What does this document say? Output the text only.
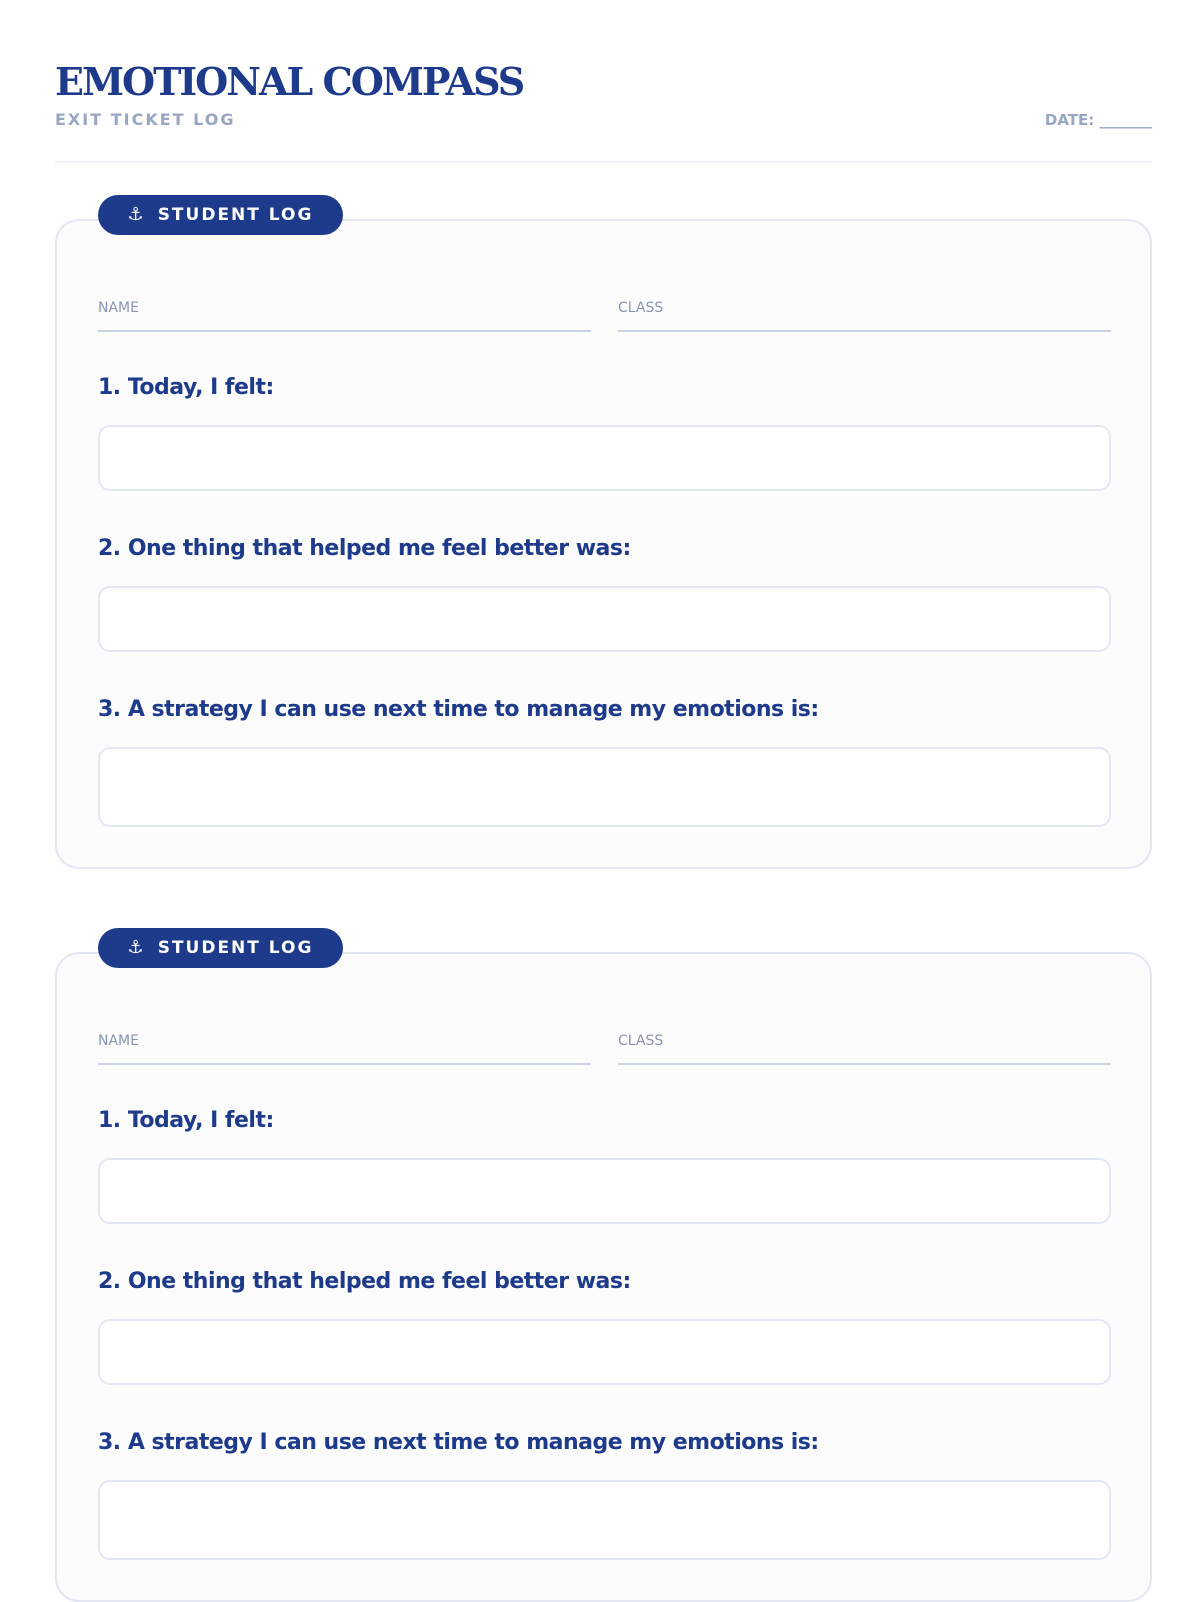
EMOTIONAL COMPASS
EXIT TICKET LOG	DATE: _______
⚓ STUDENT LOG
NAME	CLASS
1. Today, I felt:
2. One thing that helped me feel better was:
3. A strategy I can use next time to manage my emotions is:
⚓ STUDENT LOG
NAME	CLASS
1. Today, I felt:
2. One thing that helped me feel better was:
3. A strategy I can use next time to manage my emotions is:
